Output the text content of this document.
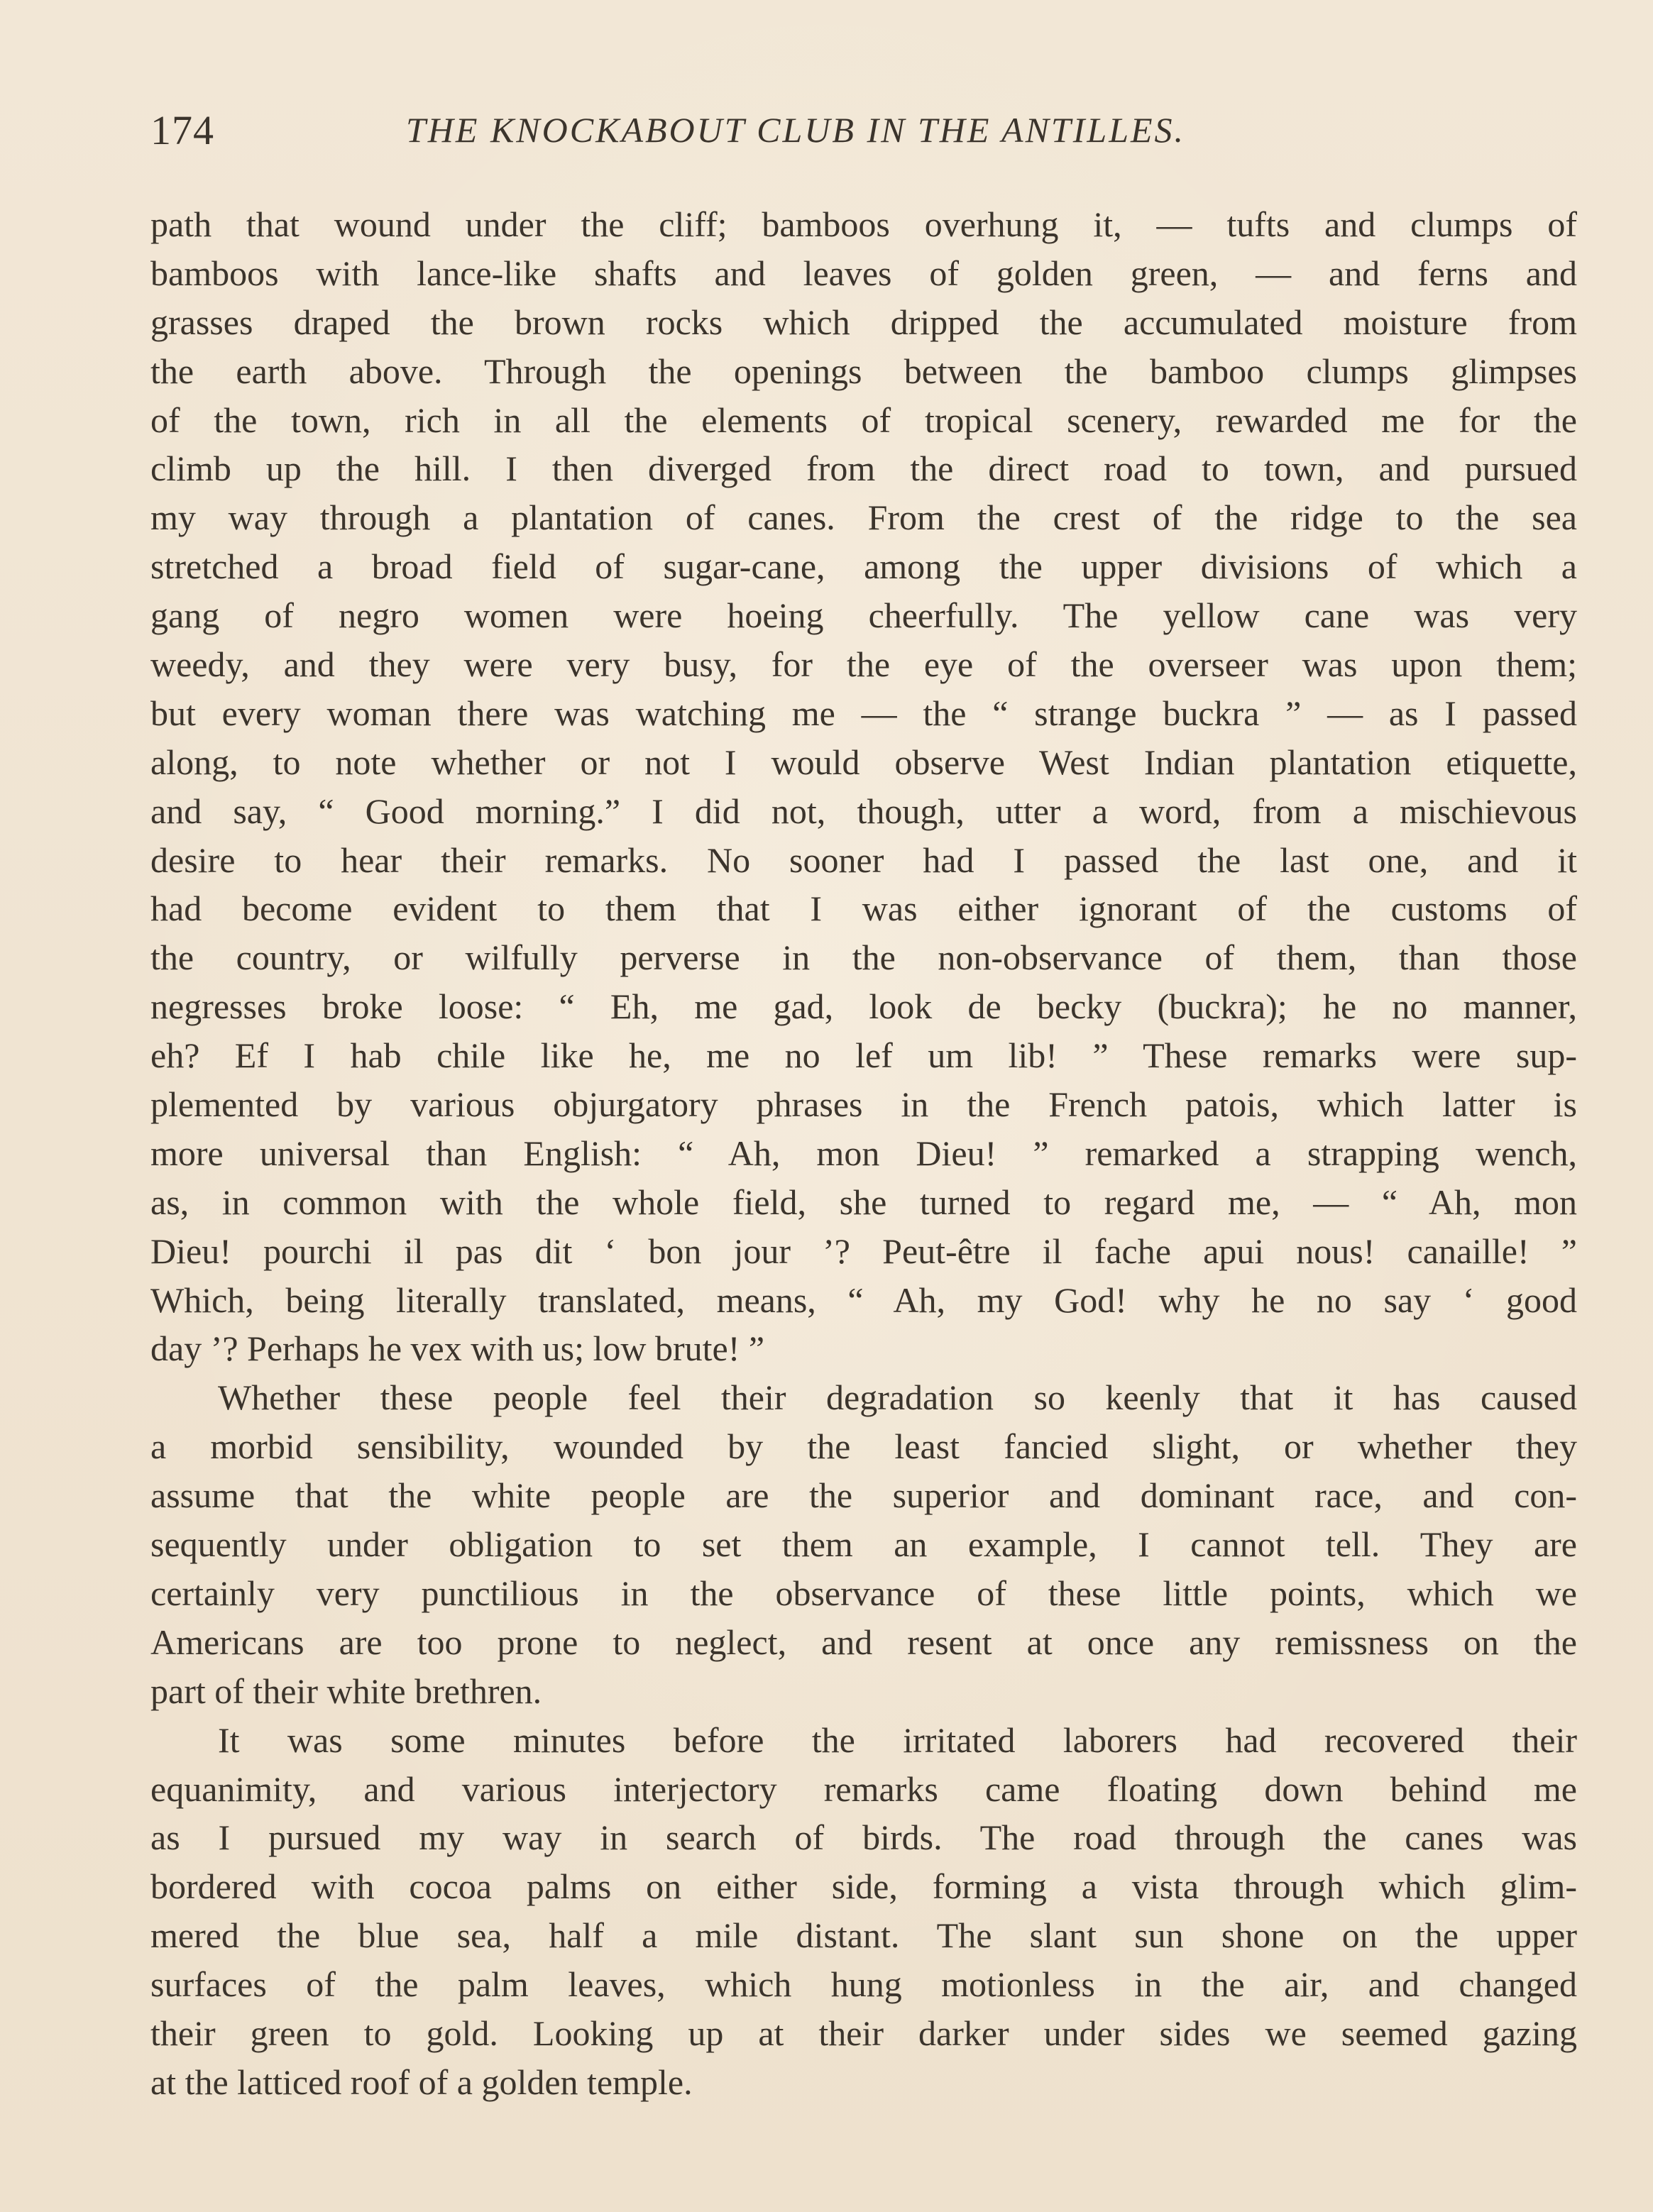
174	THE KNOCKABOUT CLUB IN THE ANTILLES.
path that wound under the cliff; bamboos overhung it, — tufts and clumps of
bamboos with lance-like shafts and leaves of golden green, — and ferns and
grasses draped the brown rocks which dripped the accumulated moisture from
the earth above. Through the openings between the bamboo clumps glimpses
of the town, rich in all the elements of tropical scenery, rewarded me for the
climb up the hill. I then diverged from the direct road to town, and pursued
my way through a plantation of canes. From the crest of the ridge to the sea
stretched a broad field of sugar-cane, among the upper divisions of which a
gang of negro women were hoeing cheerfully. The yellow cane was very
weedy, and they were very busy, for the eye of the overseer was upon them;
but every woman there was watching me — the “ strange buckra ” — as I passed
along, to note whether or not I would observe West Indian plantation etiquette,
and say, “ Good morning.” I did not, though, utter a word, from a mischievous
desire to hear their remarks. No sooner had I passed the last one, and it
had become evident to them that I was either ignorant of the customs of
the country, or wilfully perverse in the non-observance of them, than those
negresses broke loose: “ Eh, me gad, look de becky (buckra); he no manner,
eh? Ef I hab chile like he, me no lef um lib! ” These remarks were sup-
plemented by various objurgatory phrases in the French patois, which latter is
more universal than English: “ Ah, mon Dieu! ” remarked a strapping wench,
as, in common with the whole field, she turned to regard me, — “ Ah, mon
Dieu! pourchi il pas dit ‘ bon jour ’? Peut-être il fache apui nous! canaille! ”
Which, being literally translated, means, “ Ah, my God! why he no say ‘ good
day ’? Perhaps he vex with us; low brute! ”
Whether these people feel their degradation so keenly that it has caused
a morbid sensibility, wounded by the least fancied slight, or whether they
assume that the white people are the superior and dominant race, and con-
sequently under obligation to set them an example, I cannot tell. They are
certainly very punctilious in the observance of these little points, which we
Americans are too prone to neglect, and resent at once any remissness on the
part of their white brethren.
It was some minutes before the irritated laborers had recovered their
equanimity, and various interjectory remarks came floating down behind me
as I pursued my way in search of birds. The road through the canes was
bordered with cocoa palms on either side, forming a vista through which glim-
mered the blue sea, half a mile distant. The slant sun shone on the upper
surfaces of the palm leaves, which hung motionless in the air, and changed
their green to gold. Looking up at their darker under sides we seemed gazing
at the latticed roof of a golden temple.
